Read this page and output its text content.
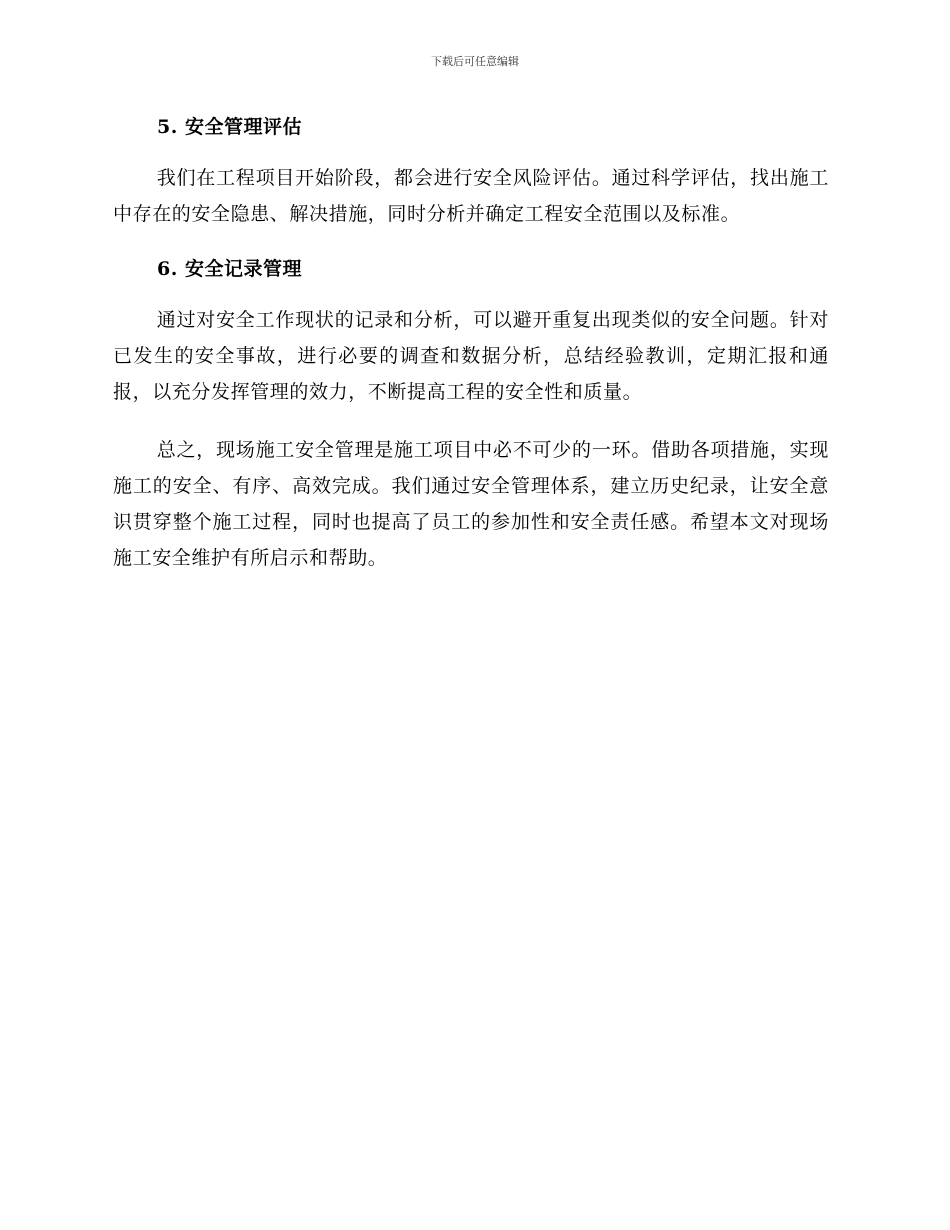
下载后可任意编辑
5. 安全管理评估

我们在工程项目开始阶段，都会进行安全风险评估。通过科学评估，找出施工中存在的安全隐患、解决措施，同时分析并确定工程安全范围以及标准。

6. 安全记录管理

通过对安全工作现状的记录和分析，可以避开重复出现类似的安全问题。针对已发生的安全事故，进行必要的调查和数据分析，总结经验教训，定期汇报和通报，以充分发挥管理的效力，不断提高工程的安全性和质量。

总之，现场施工安全管理是施工项目中必不可少的一环。借助各项措施，实现施工的安全、有序、高效完成。我们通过安全管理体系，建立历史纪录，让安全意识贯穿整个施工过程，同时也提高了员工的参加性和安全责任感。希望本文对现场施工安全维护有所启示和帮助。
